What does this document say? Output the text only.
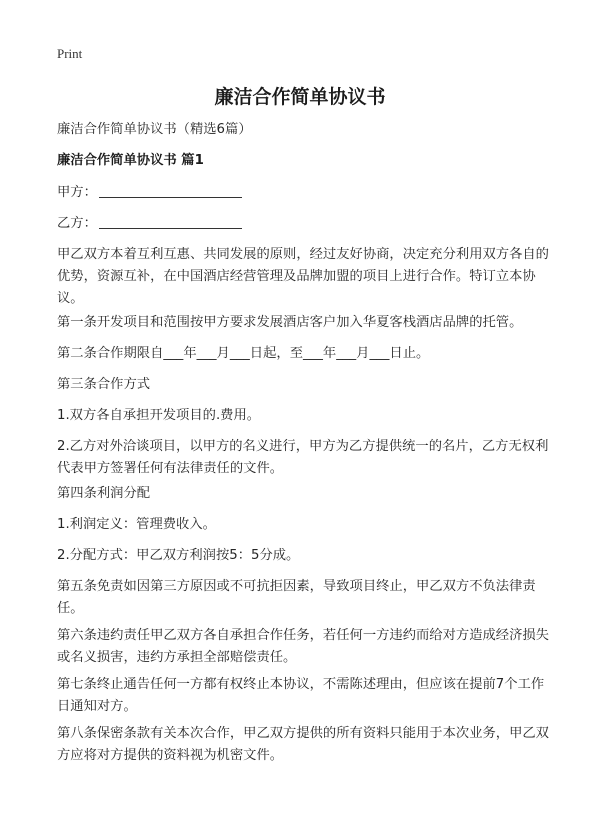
Print
廉洁合作简单协议书

廉洁合作简单协议书（精选6篇）

廉洁合作简单协议书 篇1

甲方：

乙方：

甲乙双方本着互利互惠、共同发展的原则，经过友好协商，决定充分利用双方各自的优势，资源互补，在中国酒店经营管理及品牌加盟的项目上进行合作。特订立本协议。

第一条开发项目和范围按甲方要求发展酒店客户加入华夏客栈酒店品牌的托管。

第二条合作期限自___年___月___日起，至___年___月___日止。

第三条合作方式

1.双方各自承担开发项目的.费用。

2.乙方对外洽谈项目，以甲方的名义进行，甲方为乙方提供统一的名片，乙方无权利代表甲方签署任何有法律责任的文件。

第四条利润分配

1.利润定义：管理费收入。

2.分配方式：甲乙双方利润按5：5分成。

第五条免责如因第三方原因或不可抗拒因素，导致项目终止，甲乙双方不负法律责任。

第六条违约责任甲乙双方各自承担合作任务，若任何一方违约而给对方造成经济损失或名义损害，违约方承担全部赔偿责任。

第七条终止通告任何一方都有权终止本协议，不需陈述理由，但应该在提前7个工作日通知对方。

第八条保密条款有关本次合作，甲乙双方提供的所有资料只能用于本次业务，甲乙双方应将对方提供的资料视为机密文件。
